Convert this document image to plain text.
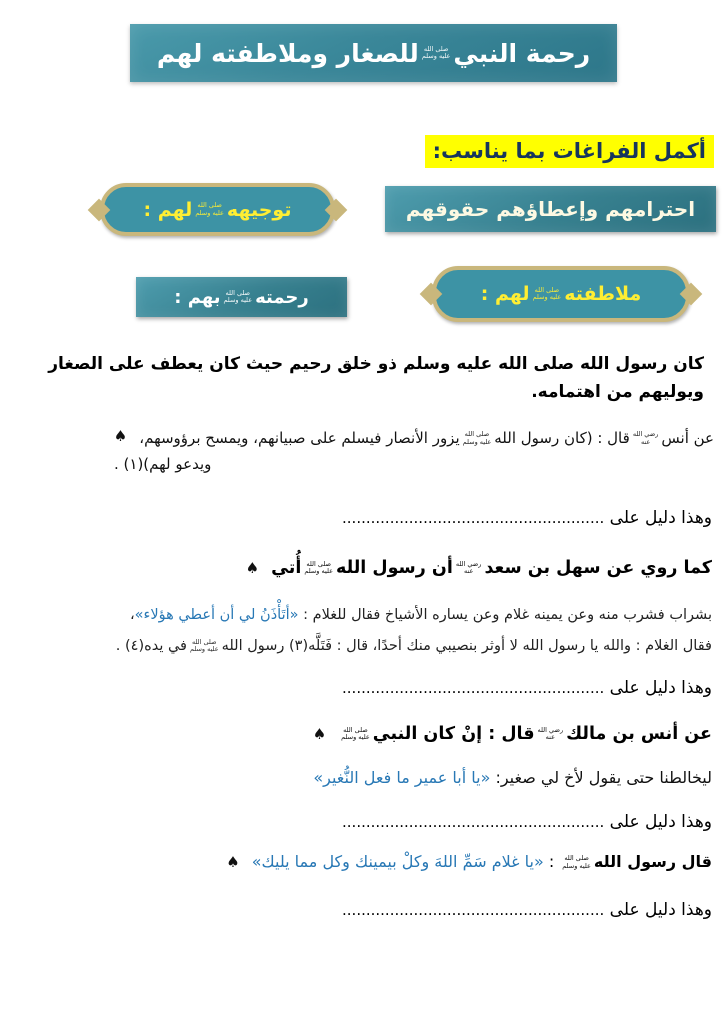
رحمة النبي
صلى الله
عليه وسلم
للصغار وملاطفته لهم
أكمل الفراغات بما يناسب:
احترامهم وإعطاؤهم حقوقهم
توجيهه
صلى الله
عليه وسلم
لهم :
ملاطفته
صلى الله
عليه وسلم
لهم :
رحمته
صلى الله
عليه وسلم
بهم :

كان رسول الله صلى الله عليه وسلم ذو خلق رحيم حيث كان يعطف على الصغار ويوليهم من اهتمامه.

عن أنس
رضي الله
عنه
قال : (كان رسول الله
صلى الله
عليه وسلم
يزور الأنصار فيسلم على صبيانهم، ويمسح برؤوسهم،
♠
ويدعو لهم)(١) .
وهذا دليل على .......................................................
كما روي عن سهل بن سعد
رضي الله
عنه
أن رسول الله
صلى الله
عليه وسلم
أُتي
♠
بشراب فشرب منه وعن يمينه غلام وعن يساره الأشياخ فقال للغلام : «أتَأْذَنُ لي أن أعطي هؤلاء»،
فقال الغلام : والله يا رسول الله لا أوثر بنصيبي منك أحدًا، قال : فَتَلَّه(٣) رسول الله
صلى الله
عليه وسلم
في يده(٤) .
وهذا دليل على .......................................................
عن أنس بن مالك
رضي الله
عنه
قال : إنْ كان النبي
صلى الله
عليه وسلم
♠
ليخالطنا حتى يقول لأخ لي صغير: «يا أبا عمير ما فعل النُّغير»
وهذا دليل على .......................................................
قال رسول الله
صلى الله
عليه وسلم
: «يا غلام سَمِّ اللهَ وكلْ بيمينك وكل مما يليك»
♠
وهذا دليل على .......................................................
